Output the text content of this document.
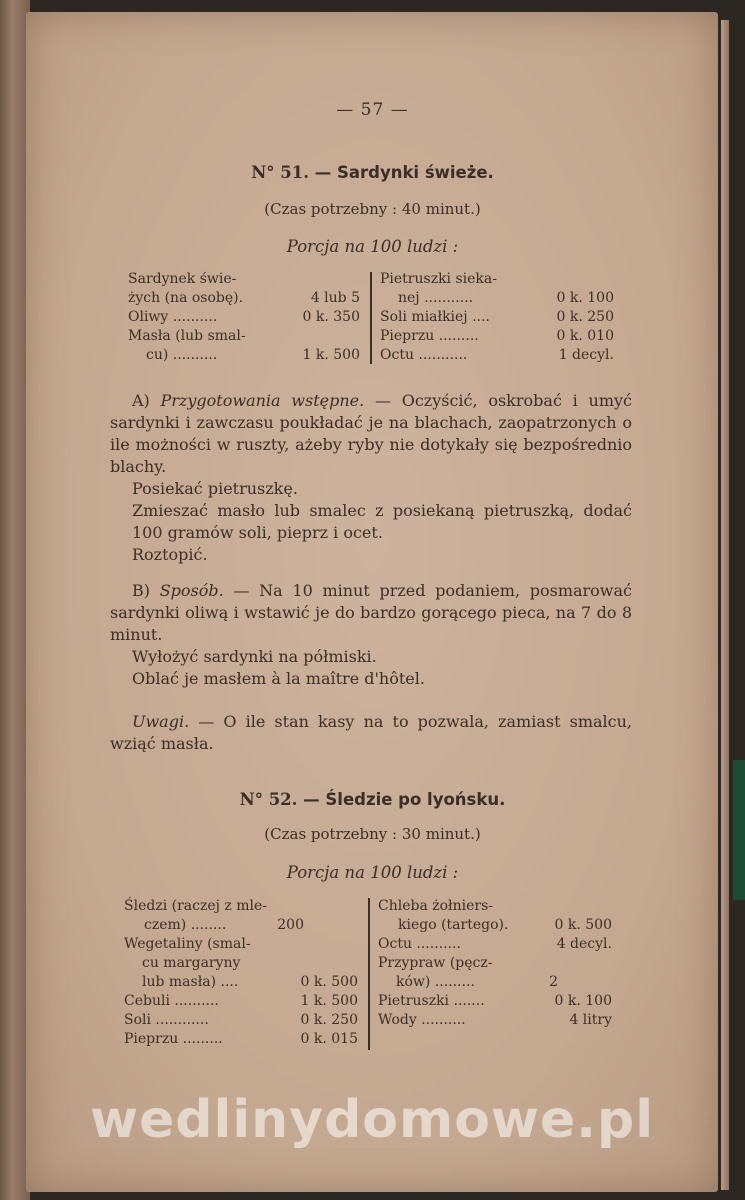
— 57 —
N° 51. — Sardynki świeże.
(Czas potrzebny : 40 minut.)
Porcja na 100 ludzi :
Sardynek świe-
żych (na osobę).	4 lub 5
Oliwy ..........	0 k. 350
Masła (lub smal-
cu) ..........	1 k. 500
Pietruszki sieka-
nej ...........	0 k. 100
Soli miałkiej ....	0 k. 250
Pieprzu .........	0 k. 010
Octu ...........	1 decyl.
A) Przygotowania wstępne. — Oczyścić, oskrobać i umyć sardynki i zawczasu poukładać je na blachach, zaopatrzonych o ile możności w ruszty, ażeby ryby nie dotykały się bezpośrednio blachy.
Posiekać pietruszkę.
Zmieszać masło lub smalec z posiekaną pietruszką, dodać 100 gramów soli, pieprz i ocet.
Roztopić.
B) Sposób. — Na 10 minut przed podaniem, posmarować sardynki oliwą i wstawić je do bardzo gorącego pieca, na 7 do 8 minut.
Wyłożyć sardynki na półmiski.
Oblać je masłem à la maître d'hôtel.
Uwagi. — O ile stan kasy na to pozwala, zamiast smalcu, wziąć masła.
N° 52. — Śledzie po lyońsku.
(Czas potrzebny : 30 minut.)
Porcja na 100 ludzi :
Śledzi (raczej z mle-
czem) ........	200
Wegetaliny (smal-
cu margaryny
lub masła) ....	0 k. 500
Cebuli ..........	1 k. 500
Soli ............	0 k. 250
Pieprzu .........	0 k. 015
Chleba żołniers-
kiego (tartego).	0 k. 500
Octu ..........	4 decyl.
Przypraw (pęcz-
ków) .........	2
Pietruszki .......	0 k. 100
Wody ..........	4 litry
wedlinydomowe.pl
